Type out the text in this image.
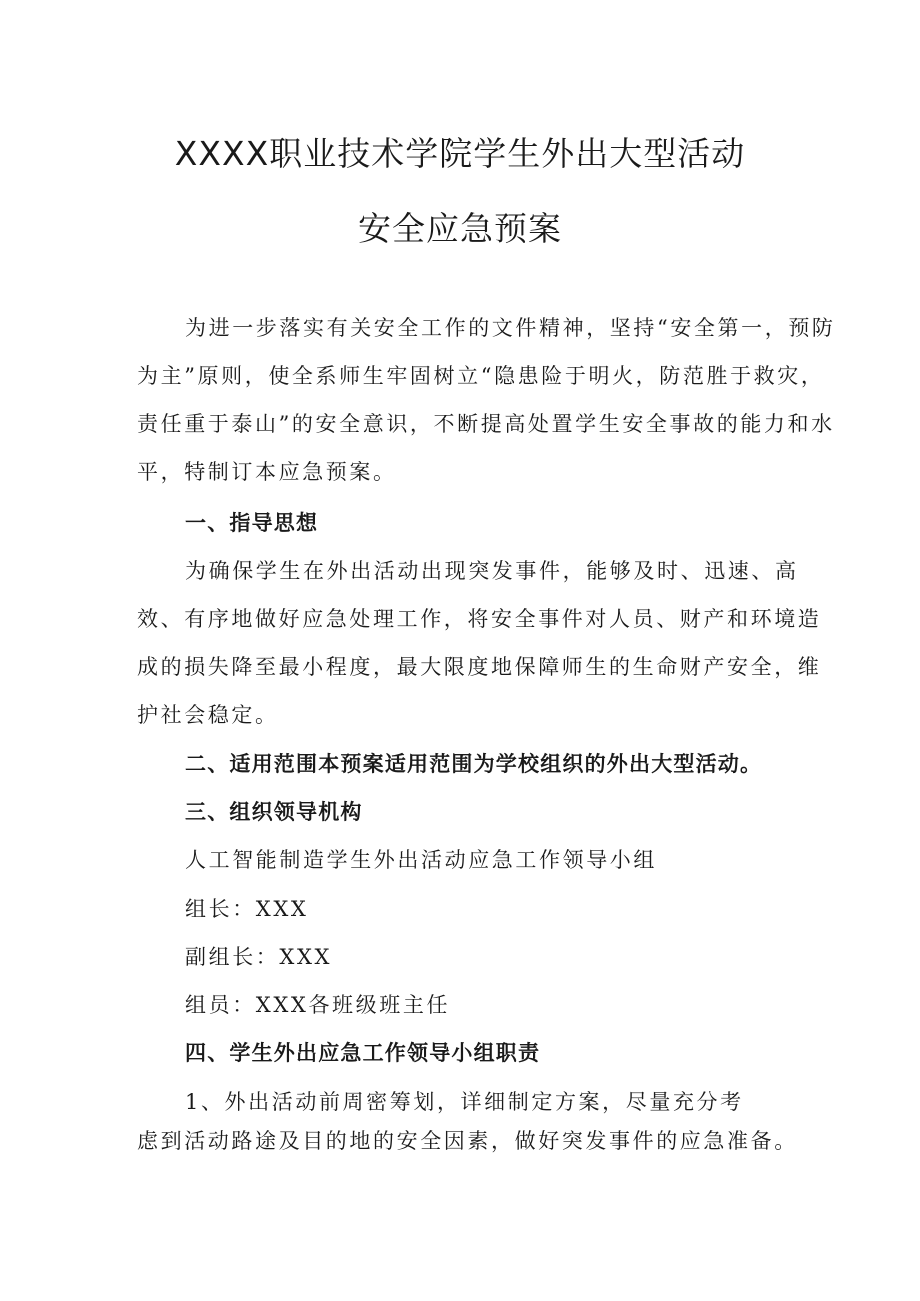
XXXX职业技术学院学生外出大型活动
安全应急预案

为进一步落实有关安全工作的文件精神，坚持“安全第一，预防为主”原则，使全系师生牢固树立“隐患险于明火，防范胜于救灾，责任重于泰山”的安全意识，不断提高处置学生安全事故的能力和水平，特制订本应急预案。

一、指导思想

为确保学生在外出活动出现突发事件，能够及时、迅速、高效、有序地做好应急处理工作，将安全事件对人员、财产和环境造成的损失降至最小程度，最大限度地保障师生的生命财产安全，维护社会稳定。

二、适用范围本预案适用范围为学校组织的外出大型活动。
三、组织领导机构

人工智能制造学生外出活动应急工作领导小组

组长：XXX

副组长：XXX

组员：XXX各班级班主任

四、学生外出应急工作领导小组职责

1、外出活动前周密筹划，详细制定方案，尽量充分考

虑到活动路途及目的地的安全因素，做好突发事件的应急准备。
